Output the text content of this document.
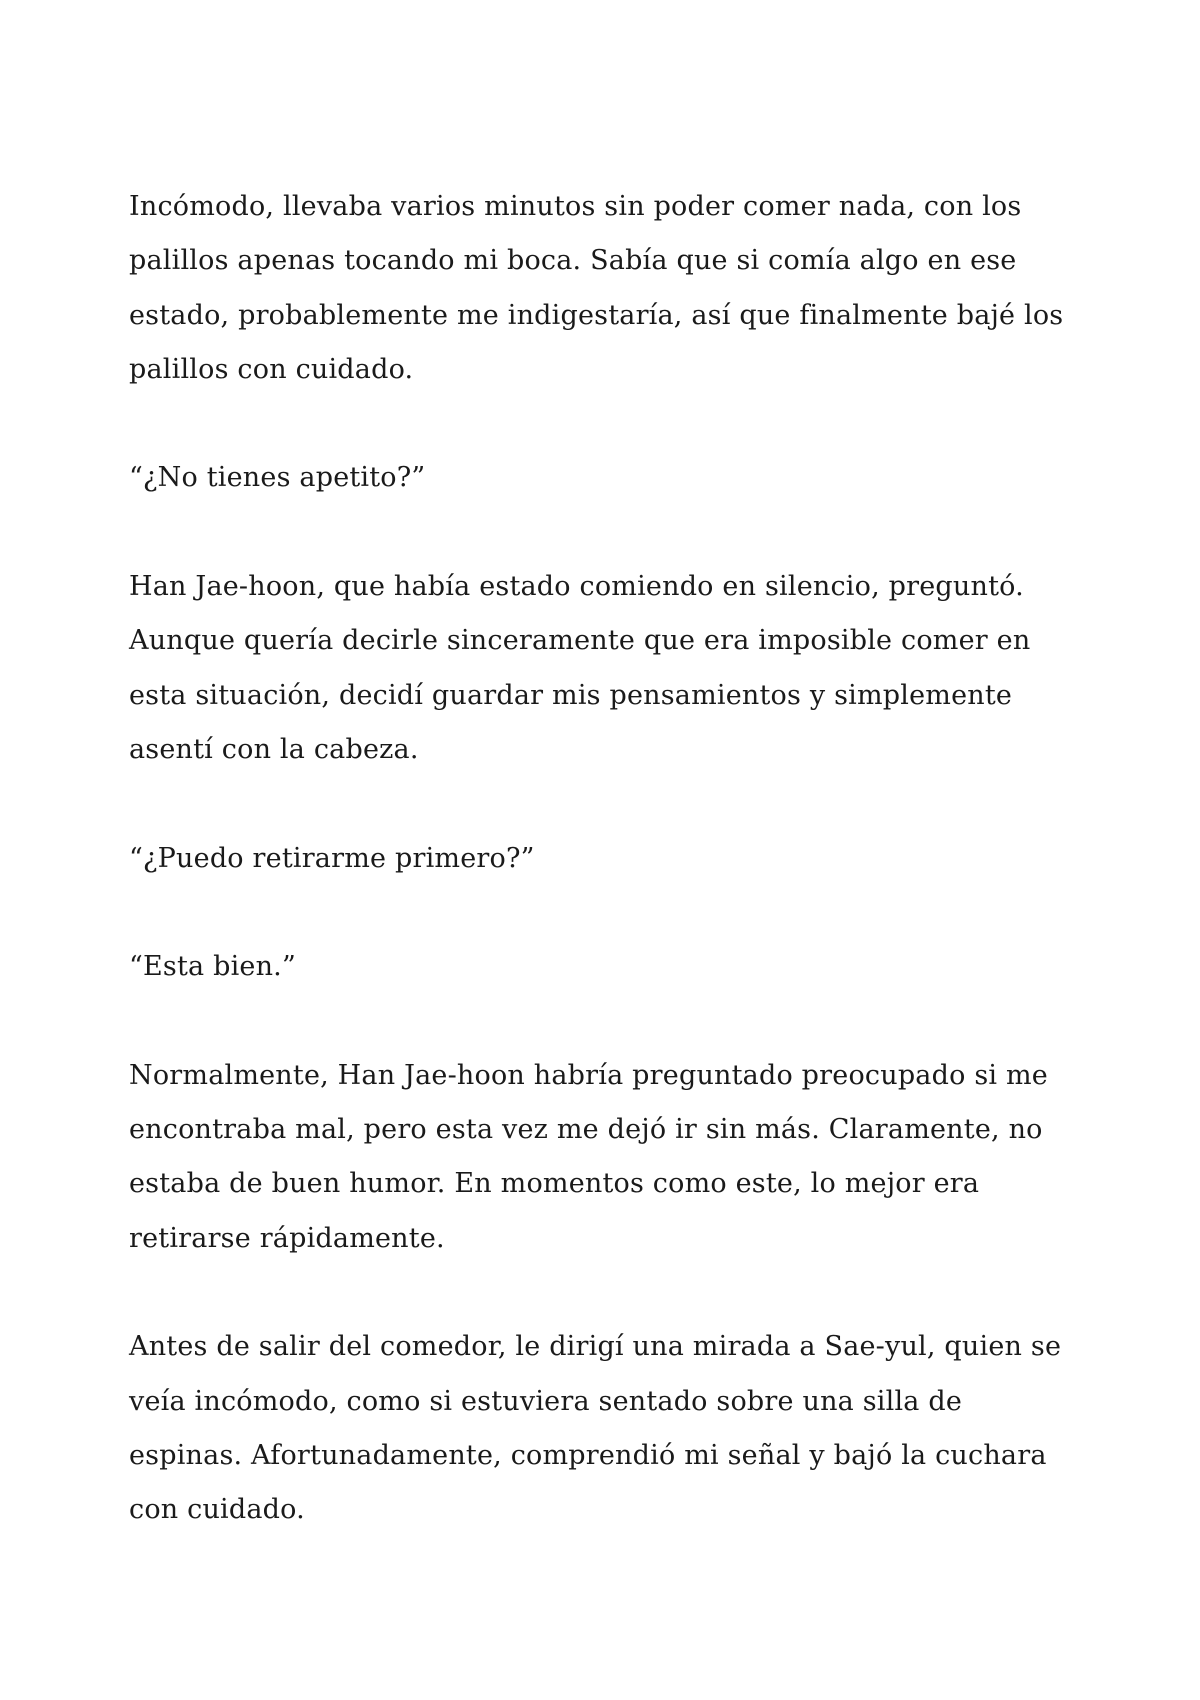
Incómodo, llevaba varios minutos sin poder comer nada, con los
palillos apenas tocando mi boca. Sabía que si comía algo en ese
estado, probablemente me indigestaría, así que finalmente bajé los
palillos con cuidado.

“¿No tienes apetito?”

Han Jae-hoon, que había estado comiendo en silencio, preguntó.
Aunque quería decirle sinceramente que era imposible comer en
esta situación, decidí guardar mis pensamientos y simplemente
asentí con la cabeza.

“¿Puedo retirarme primero?”

“Esta bien.”

Normalmente, Han Jae-hoon habría preguntado preocupado si me
encontraba mal, pero esta vez me dejó ir sin más. Claramente, no
estaba de buen humor. En momentos como este, lo mejor era
retirarse rápidamente.

Antes de salir del comedor, le dirigí una mirada a Sae-yul, quien se
veía incómodo, como si estuviera sentado sobre una silla de
espinas. Afortunadamente, comprendió mi señal y bajó la cuchara
con cuidado.
